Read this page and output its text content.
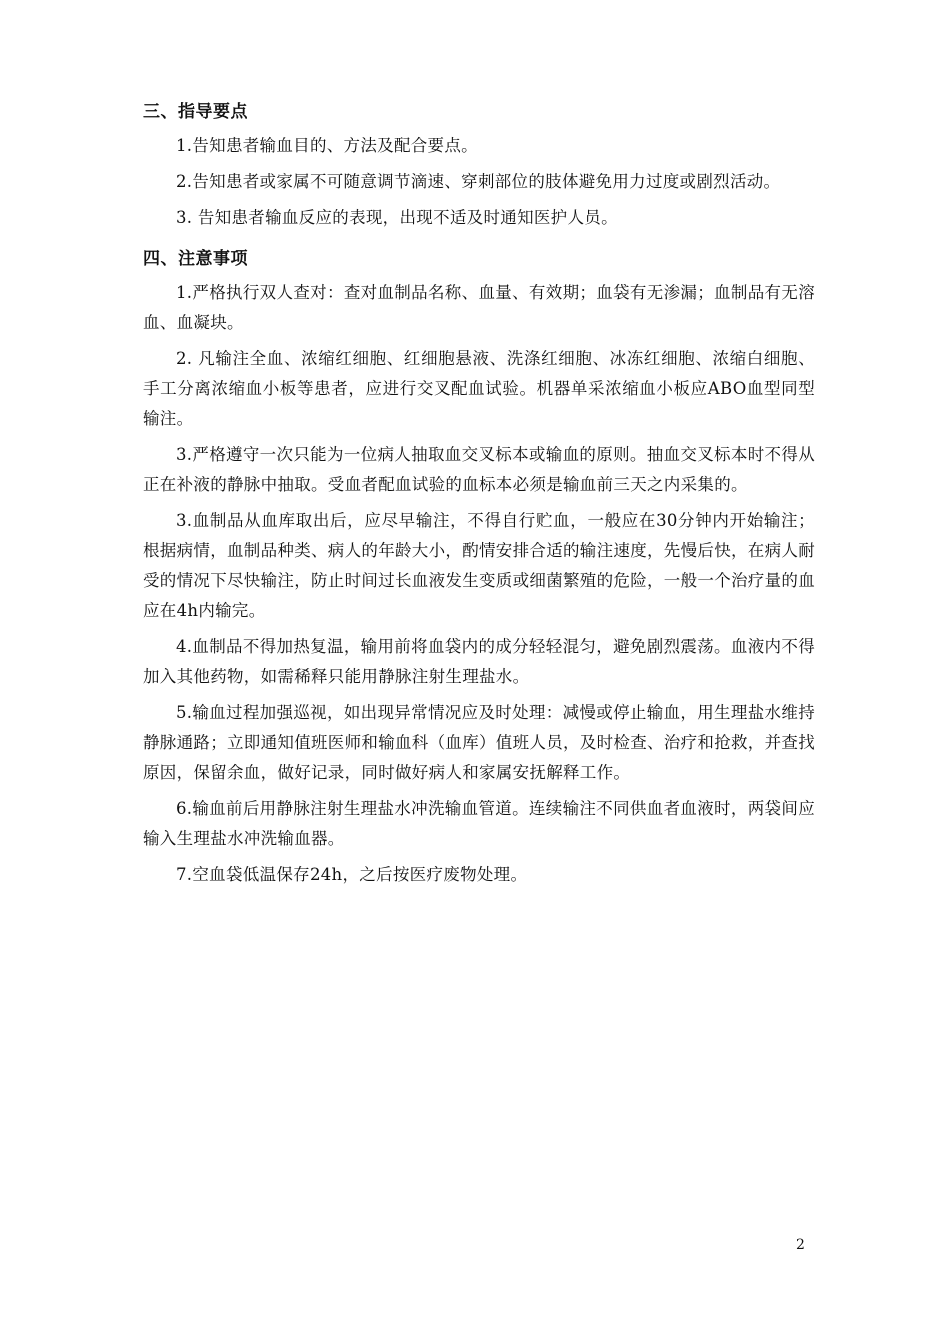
三、指导要点

1.告知患者输血目的、方法及配合要点。

2.告知患者或家属不可随意调节滴速、穿刺部位的肢体避免用力过度或剧烈活动。

3. 告知患者输血反应的表现，出现不适及时通知医护人员。

四、注意事项

1.严格执行双人查对：查对血制品名称、血量、有效期；血袋有无渗漏；血制品有无溶血、血凝块。

2. 凡输注全血、浓缩红细胞、红细胞悬液、洗涤红细胞、冰冻红细胞、浓缩白细胞、手工分离浓缩血小板等患者，应进行交叉配血试验。机器单采浓缩血小板应ABO血型同型输注。

3.严格遵守一次只能为一位病人抽取血交叉标本或输血的原则。抽血交叉标本时不得从正在补液的静脉中抽取。受血者配血试验的血标本必须是输血前三天之内采集的。

3.血制品从血库取出后，应尽早输注，不得自行贮血，一般应在30分钟内开始输注；根据病情，血制品种类、病人的年龄大小，酌情安排合适的输注速度，先慢后快，在病人耐受的情况下尽快输注，防止时间过长血液发生变质或细菌繁殖的危险，一般一个治疗量的血应在4h内输完。

4.血制品不得加热复温，输用前将血袋内的成分轻轻混匀，避免剧烈震荡。血液内不得加入其他药物，如需稀释只能用静脉注射生理盐水。

5.输血过程加强巡视，如出现异常情况应及时处理：减慢或停止输血，用生理盐水维持静脉通路；立即通知值班医师和输血科（血库）值班人员，及时检查、治疗和抢救，并查找原因，保留余血，做好记录，同时做好病人和家属安抚解释工作。

6.输血前后用静脉注射生理盐水冲洗输血管道。连续输注不同供血者血液时，两袋间应输入生理盐水冲洗输血器。

7.空血袋低温保存24h，之后按医疗废物处理。

2
